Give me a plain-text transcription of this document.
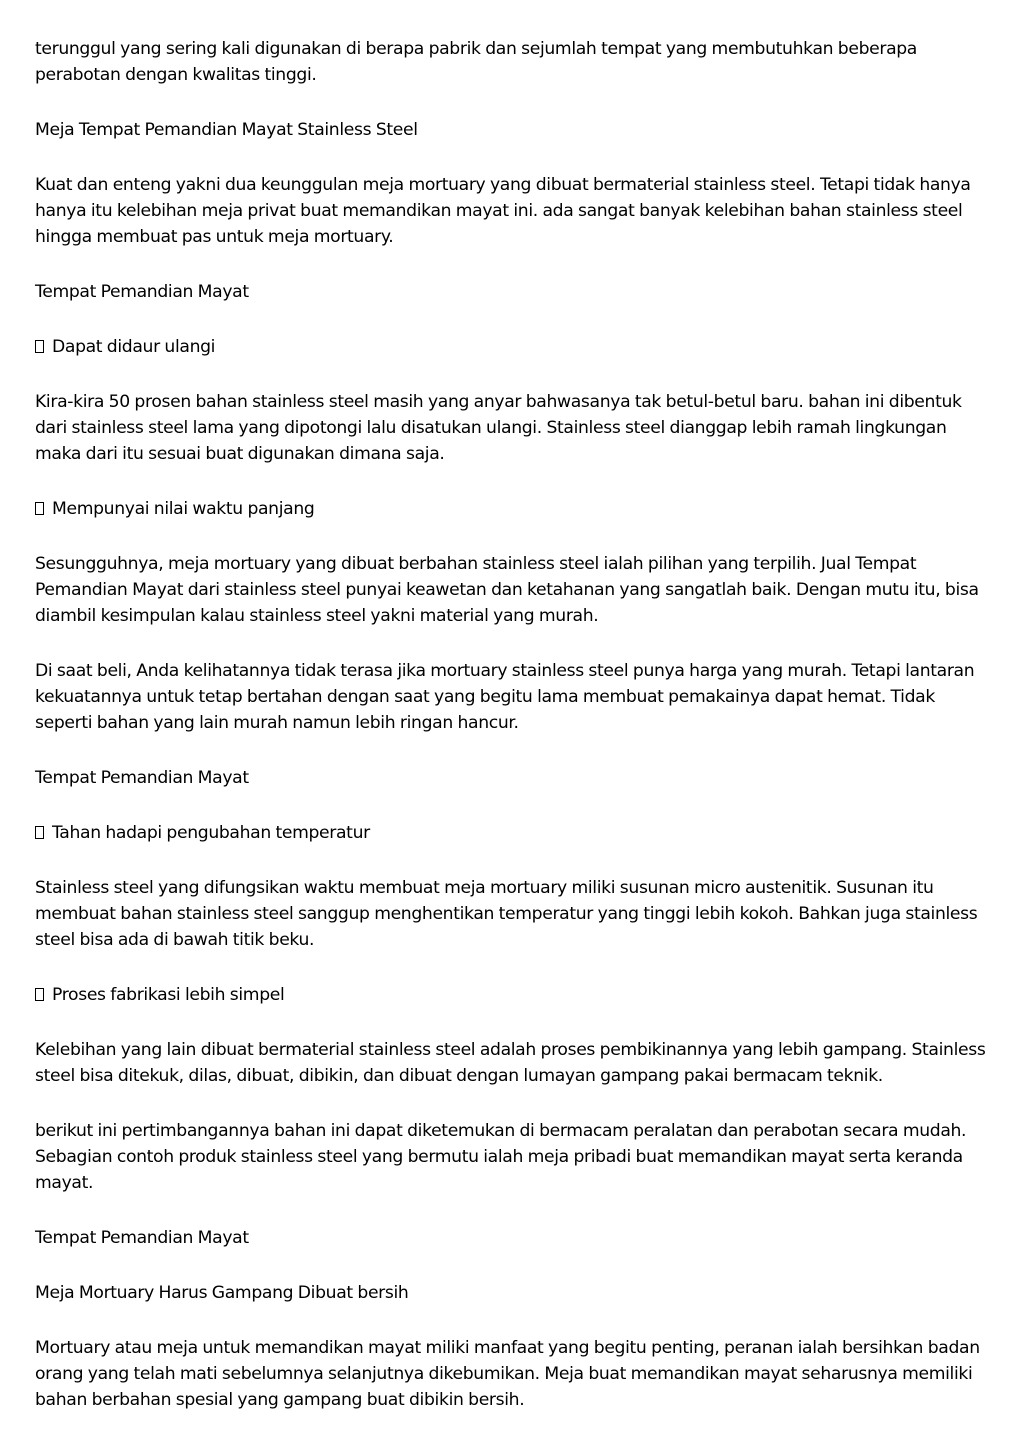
terunggul yang sering kali digunakan di berapa pabrik dan sejumlah tempat yang membutuhkan beberapa perabotan dengan kwalitas tinggi.

Meja Tempat Pemandian Mayat Stainless Steel

Kuat dan enteng yakni dua keunggulan meja mortuary yang dibuat bermaterial stainless steel. Tetapi tidak hanya hanya itu kelebihan meja privat buat memandikan mayat ini. ada sangat banyak kelebihan bahan stainless steel hingga membuat pas untuk meja mortuary.

Tempat Pemandian Mayat

Dapat didaur ulangi

Kira-kira 50 prosen bahan stainless steel masih yang anyar bahwasanya tak betul-betul baru. bahan ini dibentuk dari stainless steel lama yang dipotongi lalu disatukan ulangi. Stainless steel dianggap lebih ramah lingkungan maka dari itu sesuai buat digunakan dimana saja.

Mempunyai nilai waktu panjang

Sesungguhnya, meja mortuary yang dibuat berbahan stainless steel ialah pilihan yang terpilih. Jual Tempat Pemandian Mayat dari stainless steel punyai keawetan dan ketahanan yang sangatlah baik. Dengan mutu itu, bisa diambil kesimpulan kalau stainless steel yakni material yang murah.

Di saat beli, Anda kelihatannya tidak terasa jika mortuary stainless steel punya harga yang murah. Tetapi lantaran kekuatannya untuk tetap bertahan dengan saat yang begitu lama membuat pemakainya dapat hemat. Tidak seperti bahan yang lain murah namun lebih ringan hancur.

Tempat Pemandian Mayat

Tahan hadapi pengubahan temperatur

Stainless steel yang difungsikan waktu membuat meja mortuary miliki susunan micro austenitik. Susunan itu membuat bahan stainless steel sanggup menghentikan temperatur yang tinggi lebih kokoh. Bahkan juga stainless steel bisa ada di bawah titik beku.

Proses fabrikasi lebih simpel

Kelebihan yang lain dibuat bermaterial stainless steel adalah proses pembikinannya yang lebih gampang. Stainless steel bisa ditekuk, dilas, dibuat, dibikin, dan dibuat dengan lumayan gampang pakai bermacam teknik.

berikut ini pertimbangannya bahan ini dapat diketemukan di bermacam peralatan dan perabotan secara mudah. Sebagian contoh produk stainless steel yang bermutu ialah meja pribadi buat memandikan mayat serta keranda mayat.

Tempat Pemandian Mayat

Meja Mortuary Harus Gampang Dibuat bersih

Mortuary atau meja untuk memandikan mayat miliki manfaat yang begitu penting, peranan ialah bersihkan badan orang yang telah mati sebelumnya selanjutnya dikebumikan. Meja buat memandikan mayat seharusnya memiliki bahan berbahan spesial yang gampang buat dibikin bersih.
